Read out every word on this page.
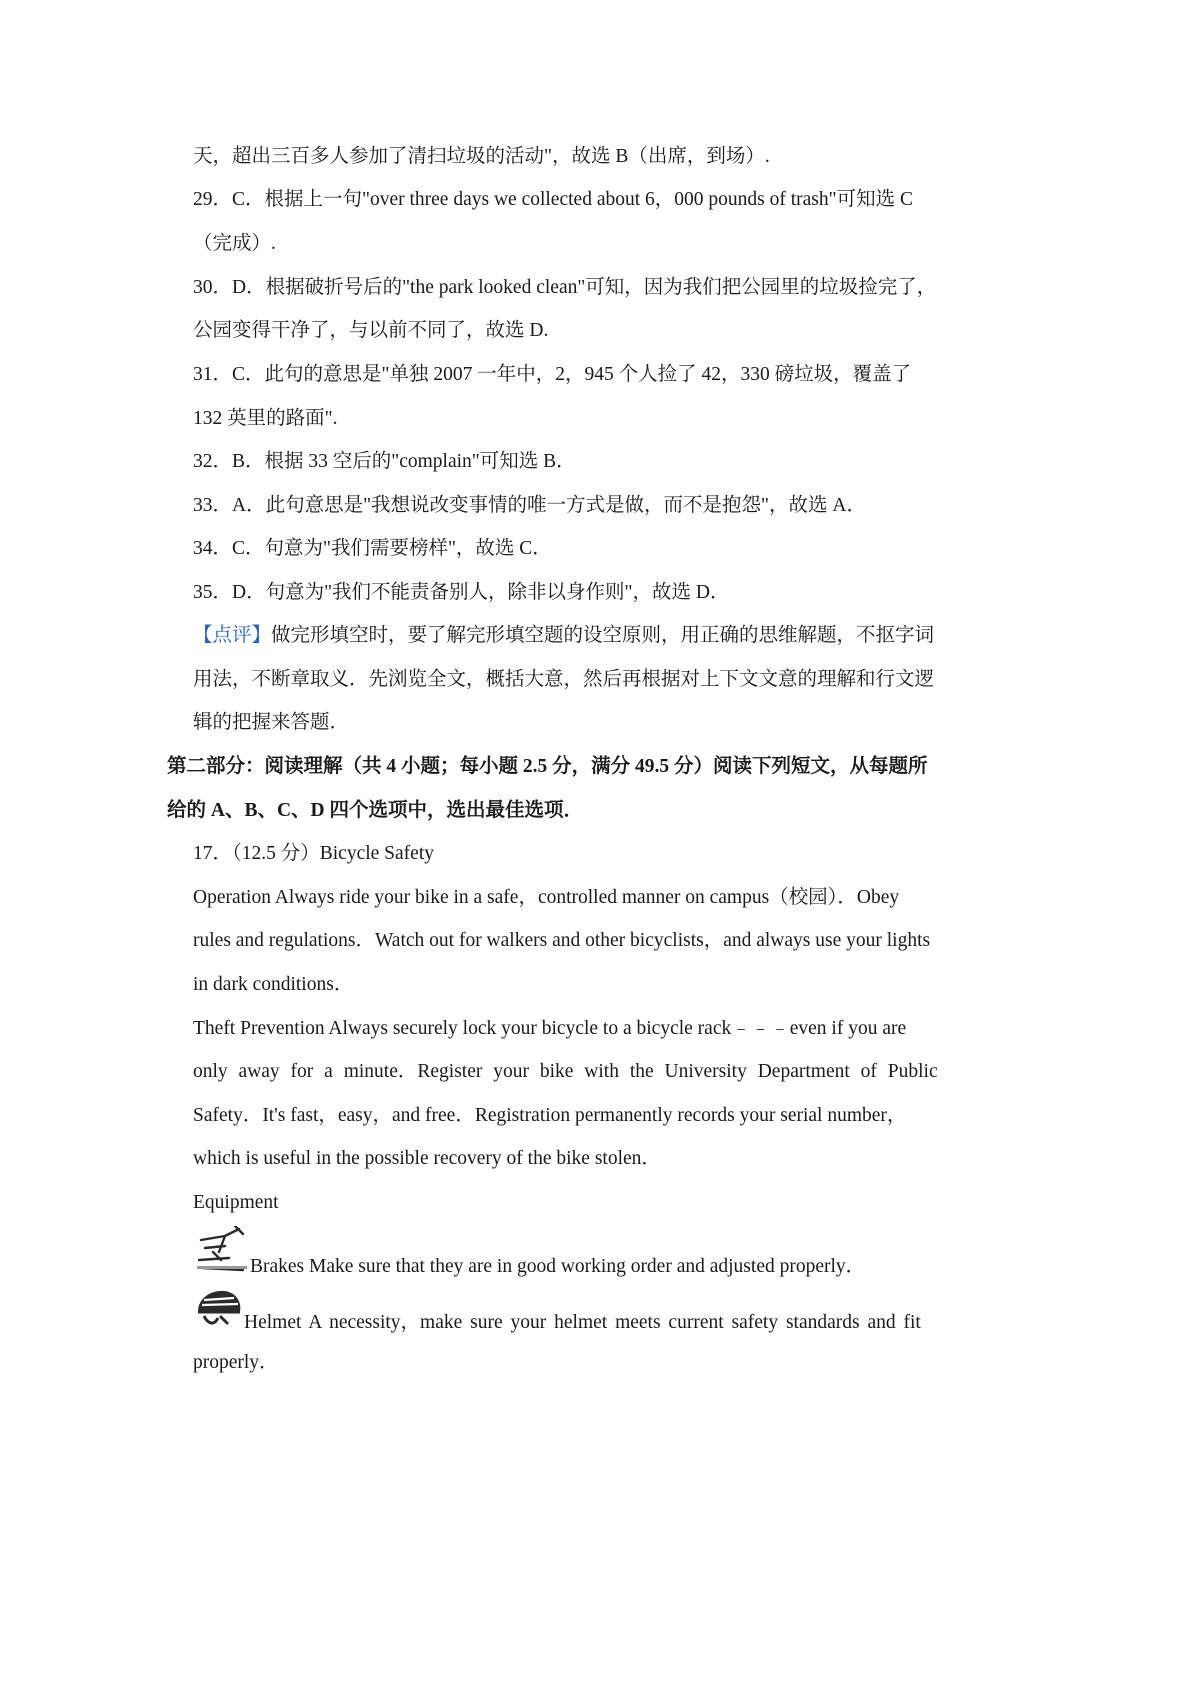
天，超出三百多人参加了清扫垃圾的活动"，故选 B（出席，到场）.
29．C．根据上一句"over three days we collected about 6，000 pounds of trash"可知选 C
（完成）.
30．D．根据破折号后的"the park looked clean"可知，因为我们把公园里的垃圾捡完了，
公园变得干净了，与以前不同了，故选 D.
31．C．此句的意思是"单独 2007 一年中，2，945 个人捡了 42，330 磅垃圾，覆盖了
132 英里的路面".
32．B．根据 33 空后的"complain"可知选 B．
33．A．此句意思是"我想说改变事情的唯一方式是做，而不是抱怨"，故选 A．
34．C．句意为"我们需要榜样"，故选 C．
35．D．句意为"我们不能责备别人，除非以身作则"，故选 D．
【点评】做完形填空时，要了解完形填空题的设空原则，用正确的思维解题，不抠字词
用法，不断章取义．先浏览全文，概括大意，然后再根据对上下文文意的理解和行文逻
辑的把握来答题．
第二部分：阅读理解（共 4 小题；每小题 2.5 分，满分 49.5 分）阅读下列短文，从每题所
给的 A、B、C、D 四个选项中，选出最佳选项．
17．（12.5 分）Bicycle Safety
Operation Always ride your bike in a safe，controlled manner on campus（校园）．Obey
rules and regulations．Watch out for walkers and other bicyclists，and always use your lights
in dark conditions．
Theft Prevention Always securely lock your bicycle to a bicycle rack﹣﹣﹣even if you are
only away for a minute．Register your bike with the University Department of Public
Safety．It's fast，easy，and free．Registration permanently records your serial number，
which is useful in the possible recovery of the bike stolen．
Equipment
Brakes Make sure that they are in good working order and adjusted properly．
Helmet A necessity，make sure your helmet meets current safety standards and fit
properly．
